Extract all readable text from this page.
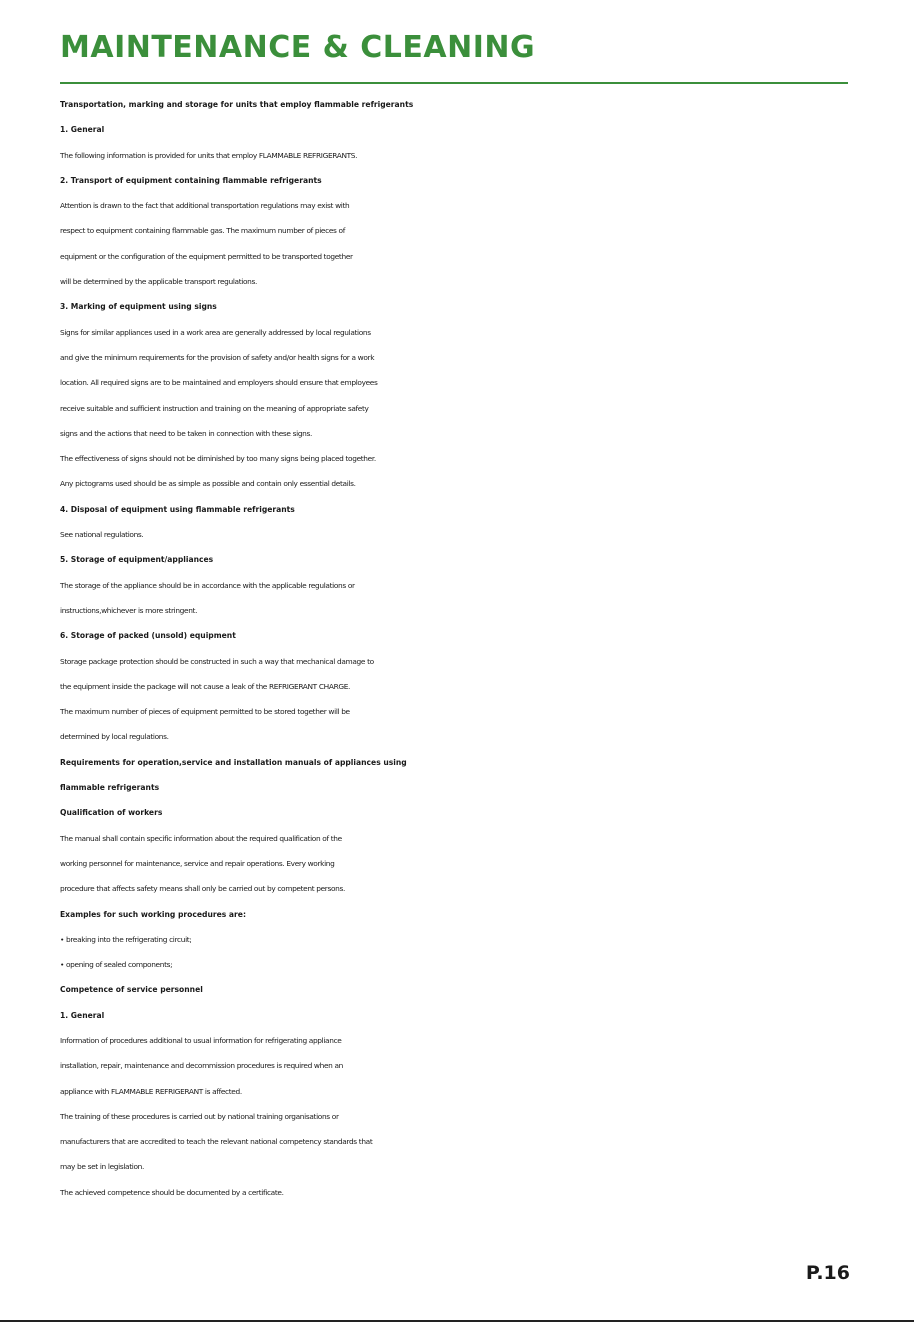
MAINTENANCE & CLEANING
Transportation, marking and storage for units that employ flammable refrigerants
1. General
The following information is provided for units that employ FLAMMABLE REFRIGERANTS.
2. Transport of equipment containing flammable refrigerants
Attention is drawn to the fact that additional transportation regulations may exist with
respect to equipment containing flammable gas. The maximum number of pieces of
equipment or the configuration of the equipment permitted to be transported together
will be determined by the applicable transport regulations.
3. Marking of equipment using signs
Signs for similar appliances used in a work area are generally addressed by local regulations
and give the minimum requirements for the provision of safety and/or health signs for a work
location. All required signs are to be maintained and employers should ensure that employees
receive suitable and sufficient instruction and training on the meaning of appropriate safety
signs and the actions that need to be taken in connection with these signs.
The effectiveness of signs should not be diminished by too many signs being placed together.
Any pictograms used should be as simple as possible and contain only essential details.
4. Disposal of equipment using flammable refrigerants
See national regulations.
5. Storage of equipment/appliances
The storage of the appliance should be in accordance with the applicable regulations or
instructions,whichever is more stringent.
6. Storage of packed (unsold) equipment
Storage package protection should be constructed in such a way that mechanical damage to
the equipment inside the package will not cause a leak of the REFRIGERANT CHARGE.
The maximum number of pieces of equipment permitted to be stored together will be
determined by local regulations.
Requirements for operation,service and installation manuals of appliances using
flammable refrigerants
Qualification of workers
The manual shall contain specific information about the required qualification of the
working personnel for maintenance, service and repair operations. Every working
procedure that affects safety means shall only be carried out by competent persons.
Examples for such working procedures are:
• breaking into the refrigerating circuit;
• opening of sealed components;
Competence of service personnel
1. General
Information of procedures additional to usual information for refrigerating appliance
installation, repair, maintenance and decommission procedures is required when an
appliance with FLAMMABLE REFRIGERANT is affected.
The training of these procedures is carried out by national training organisations or
manufacturers that are accredited to teach the relevant national competency standards that
may be set in legislation.
The achieved competence should be documented by a certificate.
P.16
